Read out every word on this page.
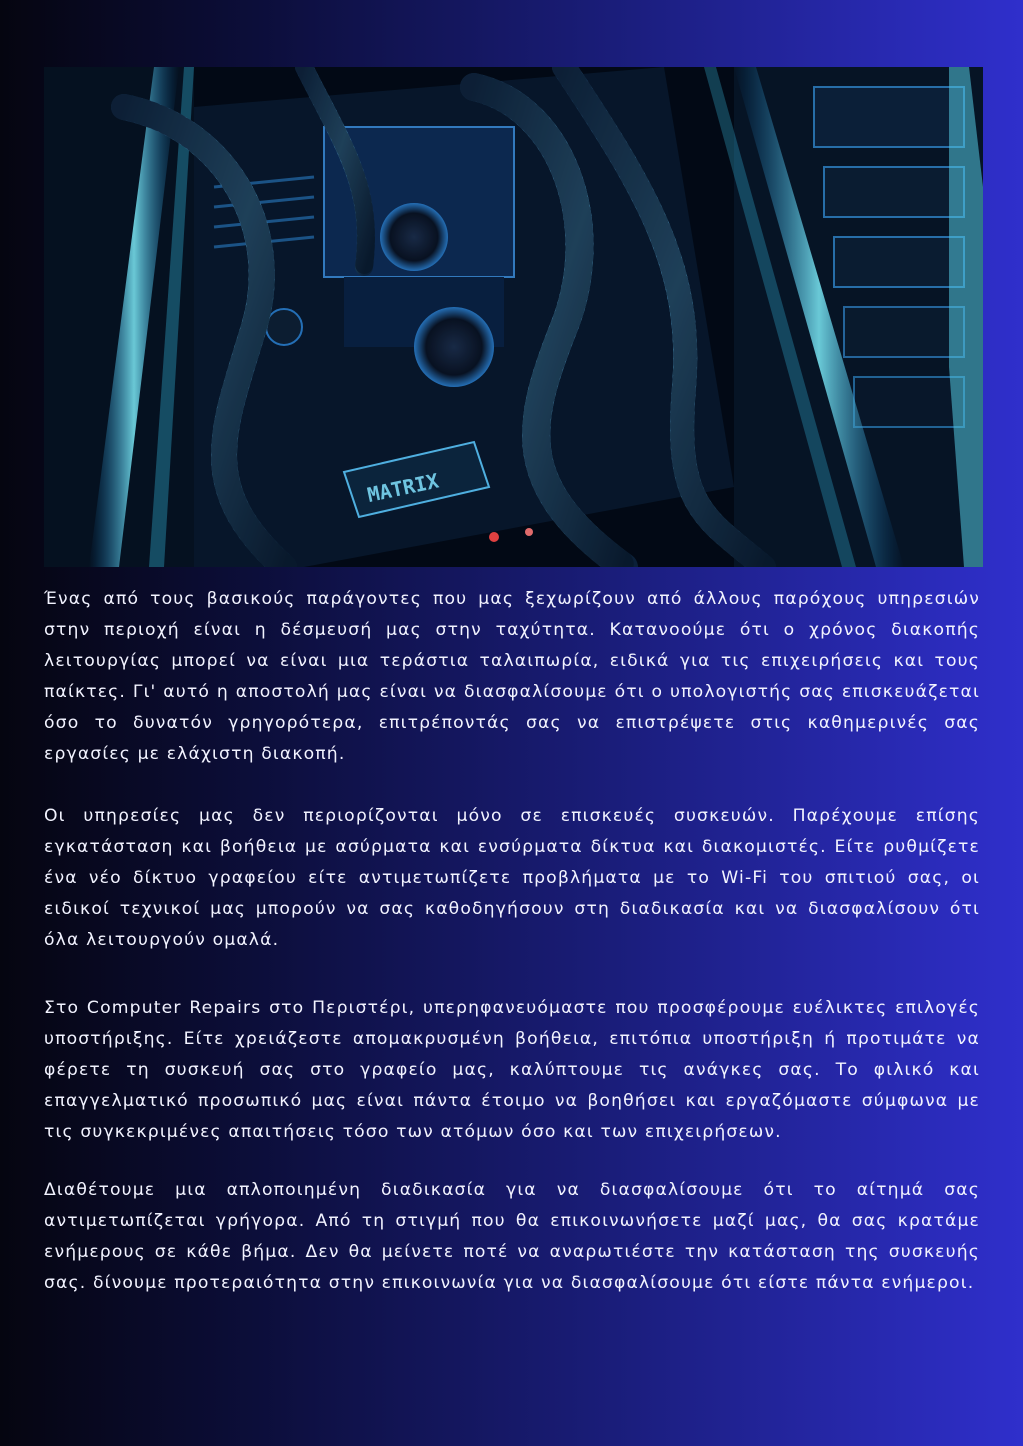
MATRIX

Ένας από τους βασικούς παράγοντες που μας ξεχωρίζουν από άλλους παρόχους υπηρεσιών στην περιοχή είναι η δέσμευσή μας στην ταχύτητα. Κατανοούμε ότι ο χρόνος διακοπής λειτουργίας μπορεί να είναι μια τεράστια ταλαιπωρία, ειδικά για τις επιχειρήσεις και τους παίκτες. Γι' αυτό η αποστολή μας είναι να διασφαλίσουμε ότι ο υπολογιστής σας επισκευάζεται όσο το δυνατόν γρηγορότερα, επιτρέποντάς σας να επιστρέψετε στις καθημερινές σας εργασίες με ελάχιστη διακοπή.

Οι υπηρεσίες μας δεν περιορίζονται μόνο σε επισκευές συσκευών. Παρέχουμε επίσης εγκατάσταση και βοήθεια με ασύρματα και ενσύρματα δίκτυα και διακομιστές. Είτε ρυθμίζετε ένα νέο δίκτυο γραφείου είτε αντιμετωπίζετε προβλήματα με το Wi-Fi του σπιτιού σας, οι ειδικοί τεχνικοί μας μπορούν να σας καθοδηγήσουν στη διαδικασία και να διασφαλίσουν ότι όλα λειτουργούν ομαλά.

Στο Computer Repairs στο Περιστέρι, υπερηφανευόμαστε που προσφέρουμε ευέλικτες επιλογές υποστήριξης. Είτε χρειάζεστε απομακρυσμένη βοήθεια, επιτόπια υποστήριξη ή προτιμάτε να φέρετε τη συσκευή σας στο γραφείο μας, καλύπτουμε τις ανάγκες σας. Το φιλικό και επαγγελματικό προσωπικό μας είναι πάντα έτοιμο να βοηθήσει και εργαζόμαστε σύμφωνα με τις συγκεκριμένες απαιτήσεις τόσο των ατόμων όσο και των επιχειρήσεων.

Διαθέτουμε μια απλοποιημένη διαδικασία για να διασφαλίσουμε ότι το αίτημά σας αντιμετωπίζεται γρήγορα. Από τη στιγμή που θα επικοινωνήσετε μαζί μας, θα σας κρατάμε ενήμερους σε κάθε βήμα. Δεν θα μείνετε ποτέ να αναρωτιέστε την κατάσταση της συσκευής σας. δίνουμε προτεραιότητα στην επικοινωνία για να διασφαλίσουμε ότι είστε πάντα ενήμεροι.
